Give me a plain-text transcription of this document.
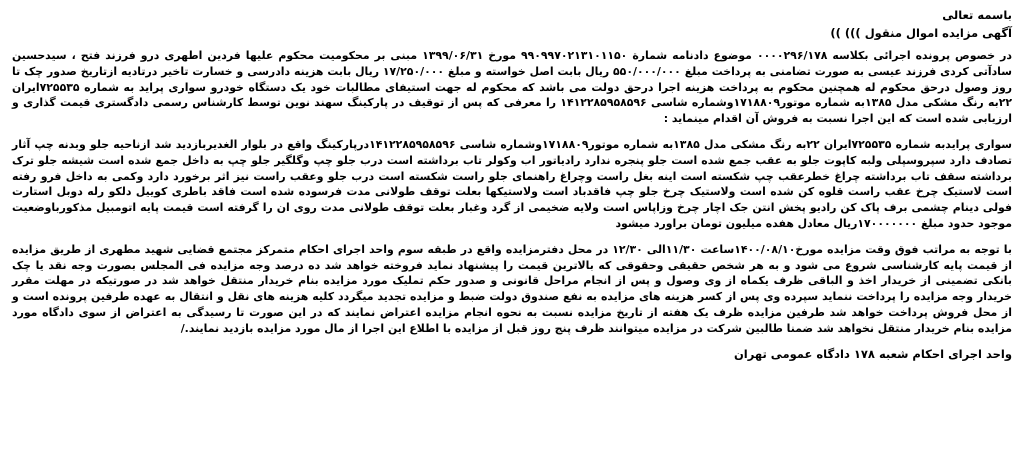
باسمه تعالی

آگهی مزایده اموال منقول ))) ))

در خصوص پرونده اجرائی بکلاسه ۰۰۰۰۲۹۶/۱۷۸ موضوع دادنامه شمارة ۹۹۰۹۹۷۰۲۱۳۱۰۱۱۵۰ مورخ ۱۳۹۹/۰۶/۳۱ مبنی بر محکومیت محکوم علیها فردین اطهری درو فرزند فتح ، سیدحسین سادآتی کردی فرزند عیسی به صورت تضامنی به پرداخت مبلغ ۵۵۰/۰۰۰/۰۰۰ ریال بابت اصل خواسته و مبلغ ۱۷/۲۵۰/۰۰۰ ریال بابت هزینه دادرسی و خسارت تاخیر درتادیه ازتاریخ صدور چک تا روز وصول درحق محکوم له همچنین محکوم به پرداخت هزینه اجرا درحق دولت می باشد که محکوم له جهت استیفای مطالبات خود یک دستگاه خودرو سواری پراید به شماره ۷۲۵۵۳۵ایران ۲۲به رنگ مشکی مدل ۱۳۸۵به شماره موتور۱۷۱۸۸۰۹وشماره شاسی ۱۴۱۲۲۸۵۹۵۸۵۹۶ را معرفی که پس از توقیف در پارکینگ سهند نوین توسط کارشناس رسمی دادگستری قیمت گذاری و ارزیابی شده است که این اجرا نسبت به فروش آن اقدام مینماید :

سواری پرایدبه شماره ۷۲۵۵۳۵ایران ۲۲به رنگ مشکی مدل ۱۳۸۵به شماره موتور۱۷۱۸۸۰۹وشماره شاسی ۱۴۱۲۲۸۵۹۵۸۵۹۶درپارکینگ واقع در بلوار الغدیربازدید شد ازناحیه جلو وبدنه چپ آثار تصادف دارد سپروسپلی ولبه کاپوت جلو به عقب جمع شده است جلو پنجره ندارد رادیاتور اب وکولر تاب برداشته است درب جلو چپ وگلگیر جلو چپ به داخل جمع شده است شیشه جلو ترک برداشته سقف تاب برداشته چراغ خطرعقب چپ شکسته است اینه بغل راست وچراغ راهنمای جلو راست شکسته است درب جلو وعقب راست نیز اثر برخورد دارد وکمی به داخل فرو رفته است لاستیک چرخ عقب راست قلوه کن شده است ولاستیک چرخ جلو چپ فاقدباد است ولاستیکها بعلت توقف طولانی مدت فرسوده شده است فاقد باطری کوییل دلکو رله دوبل استارت فولی دینام چشمی برف پاک کن رادیو پخش انتن جک اچار چرخ وزاپاس است ولایه ضخیمی از گرد وغبار بعلت توقف طولانی مدت روی ان را گرفته است قیمت پایه اتومبیل مذکورباوضعیت موجود حدود مبلغ ۱۷۰۰۰۰۰۰۰ریال معادل هفده میلیون تومان براورد میشود

با توجه به مراتب فوق وقت مزایده مورخ۱۴۰۰/۰۸/۱۰ساعت ۱۱/۳۰الی ۱۲/۳۰ در محل دفترمزایده واقع در طبقه سوم واحد اجرای احکام متمرکز مجتمع قضایی شهید مطهری از طریق مزایده از قیمت پایه کارشناسی شروع می شود و به هر شخص حقیقی وحقوقی که بالاترین قیمت را پیشنهاد نماید فروخته خواهد شد ده درصد وجه مزایده فی المجلس بصورت وجه نقد یا چک بانکی تضمینی از خریدار اخذ و الباقی ظرف یکماه از وی وصول و پس از انجام مراحل قانونی و صدور حکم تملیک مورد مزایده بنام خریدار منتقل خواهد شد در صورتیکه در مهلت مقرر خریدار وجه مزایده را پرداخت ننماید سپرده وی پس از کسر هزینه های مزایده به نفع صندوق دولت ضبط و مزایده تجدید میگردد کلیه هزینه های نقل و انتقال به عهده طرفین پرونده است و از محل فروش پرداخت خواهد شد طرفین مزایده ظرف یک هفته از تاریخ مزایده نسبت به نحوه انجام مزایده اعتراض نمایند که در این صورت تا رسیدگی به اعتراض از سوی دادگاه مورد مزایده بنام خریدار منتقل نخواهد شد ضمنا طالبین شرکت در مزایده میتوانند ظرف پنج روز قبل از مزایده با اطلاع این اجرا از مال مورد مزایده بازدید نمایند./

واحد اجرای احکام شعبه ۱۷۸ دادگاه عمومی تهران
